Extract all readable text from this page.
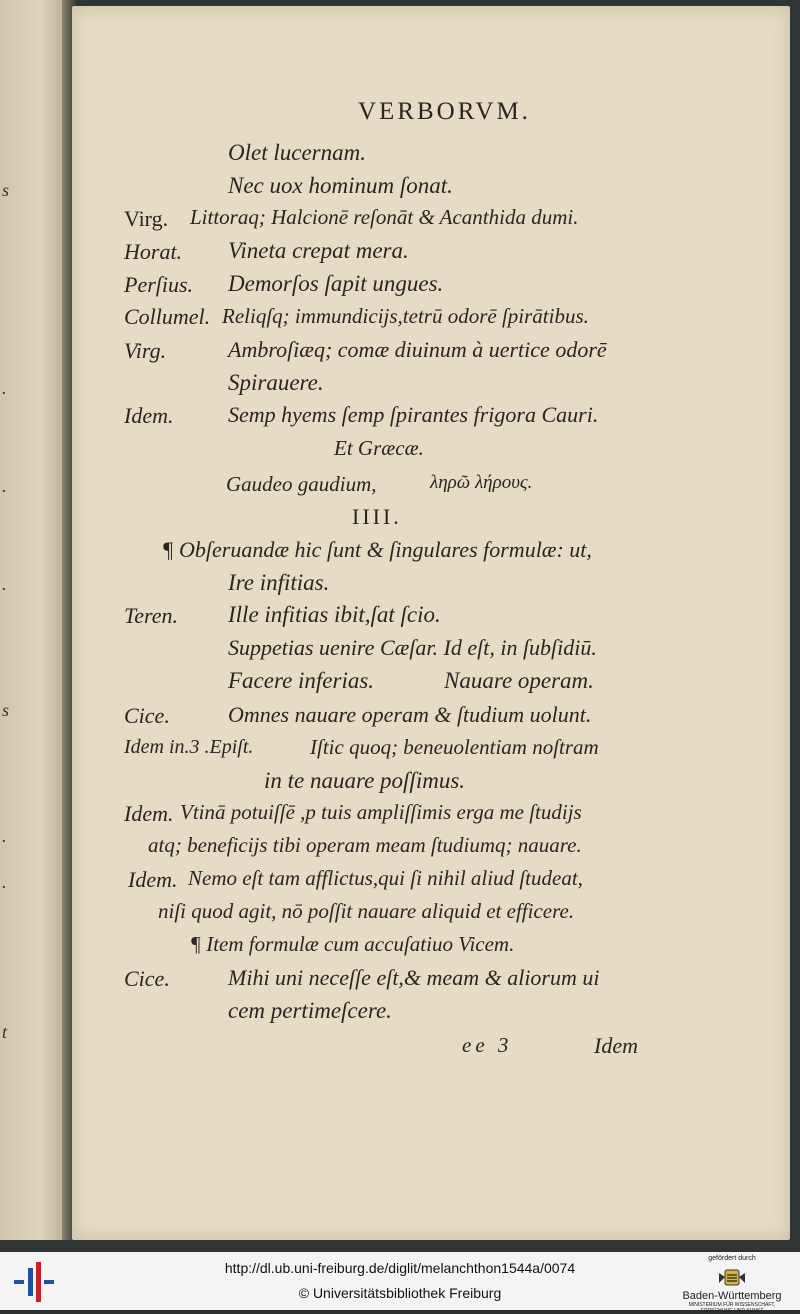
s
.
.
.
s
.
.
t
VERBORVM.
Olet lucernam.
Nec uox hominum ſonat.
Virg. Littoraq; Halcionē reſonāt & Acanthida dumi.
Horat. Vineta crepat mera.
Perſius. Demorſos ſapit ungues.
Collumel. Reliqſq; immundicijs,tetrū odorē ſpirātibus.
Virg.	Ambroſiæq; comæ diuinum à uertice odorē
Spirauere.
Idem. Semp hyems ſemp ſpirantes frigora Cauri.
Et Græcæ.
Gaudeo gaudium,	ληρῶ λήρους.
IIII.
¶ Obſeruandæ hic ſunt & ſingulares formulæ: ut,
Ire infitias.
Teren. Ille infitias ibit,ſat ſcio.
Suppetias uenire Cæſar. Id eſt, in ſubſidiū.
Facere inferias.	Nauare operam.
Cice.	Omnes nauare operam & ſtudium uolunt.
Idem in.3 .Epiſt.	Iſtic quoq; beneuolentiam noſtram
in te nauare poſſimus.
Idem. Vtinā potuiſſē ,p tuis ampliſſimis erga me ſtudijs
atq; beneficijs tibi operam meam ſtudiumq; nauare.
Idem. Nemo eſt tam afflictus,qui ſi nihil aliud ſtudeat,
niſi quod agit, nō poſſit nauare aliquid et efficere.
¶ Item formulæ cum accuſatiuo Vicem.
Cice.	Mihi uni neceſſe eſt,& meam & aliorum ui
cem pertimeſcere.
ee 3	Idem
http://dl.ub.uni-freiburg.de/diglit/melanchthon1544a/0074
© Universitätsbibliothek Freiburg
gefördert durch
Baden-Württemberg
MINISTERIUM FÜR WISSENSCHAFT, FORSCHUNG UND KUNST
